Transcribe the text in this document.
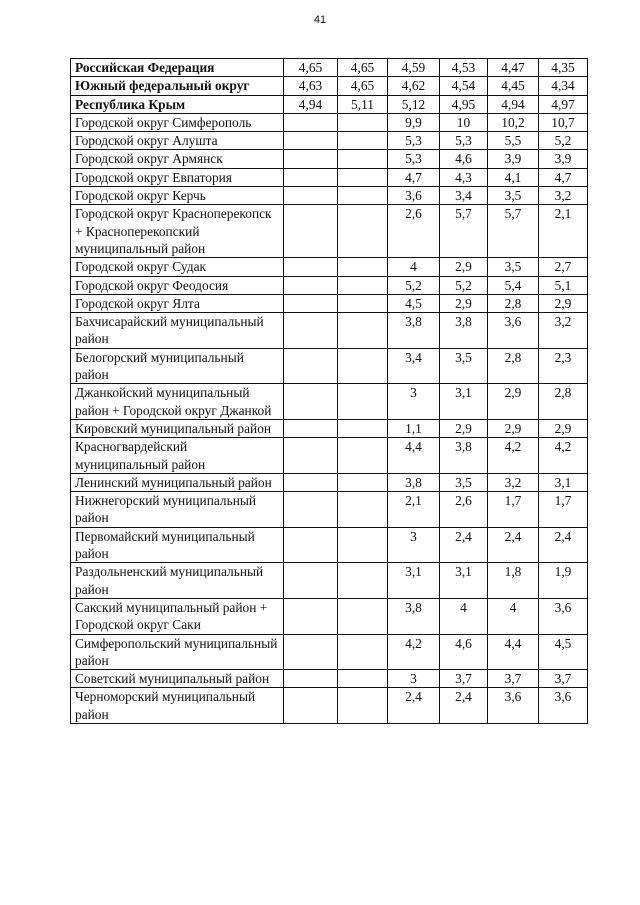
41
Российская Федерация	4,65	4,65	4,59	4,53	4,47	4,35
Южный федеральный округ	4,63	4,65	4,62	4,54	4,45	4,34
Республика Крым	4,94	5,11	5,12	4,95	4,94	4,97
Городской округ Симферополь			9,9	10	10,2	10,7
Городской округ Алушта			5,3	5,3	5,5	5,2
Городской округ Армянск			5,3	4,6	3,9	3,9
Городской округ Евпатория			4,7	4,3	4,1	4,7
Городской округ Керчь			3,6	3,4	3,5	3,2
Городской округ Красноперекопск + Красноперекопский муниципальный район			2,6	5,7	5,7	2,1
Городской округ Судак			4	2,9	3,5	2,7
Городской округ Феодосия			5,2	5,2	5,4	5,1
Городской округ Ялта			4,5	2,9	2,8	2,9
Бахчисарайский муниципальный район			3,8	3,8	3,6	3,2
Белогорский муниципальный район			3,4	3,5	2,8	2,3
Джанкойский муниципальный район + Городской округ Джанкой			3	3,1	2,9	2,8
Кировский муниципальный район			1,1	2,9	2,9	2,9
Красногвардейский муниципальный район			4,4	3,8	4,2	4,2
Ленинский муниципальный район			3,8	3,5	3,2	3,1
Нижнегорский муниципальный район			2,1	2,6	1,7	1,7
Первомайский муниципальный район			3	2,4	2,4	2,4
Раздольненский муниципальный район			3,1	3,1	1,8	1,9
Сакский муниципальный район + Городской округ Саки			3,8	4	4	3,6
Симферопольский муниципальный район			4,2	4,6	4,4	4,5
Советский муниципальный район			3	3,7	3,7	3,7
Черноморский муниципальный район			2,4	2,4	3,6	3,6
